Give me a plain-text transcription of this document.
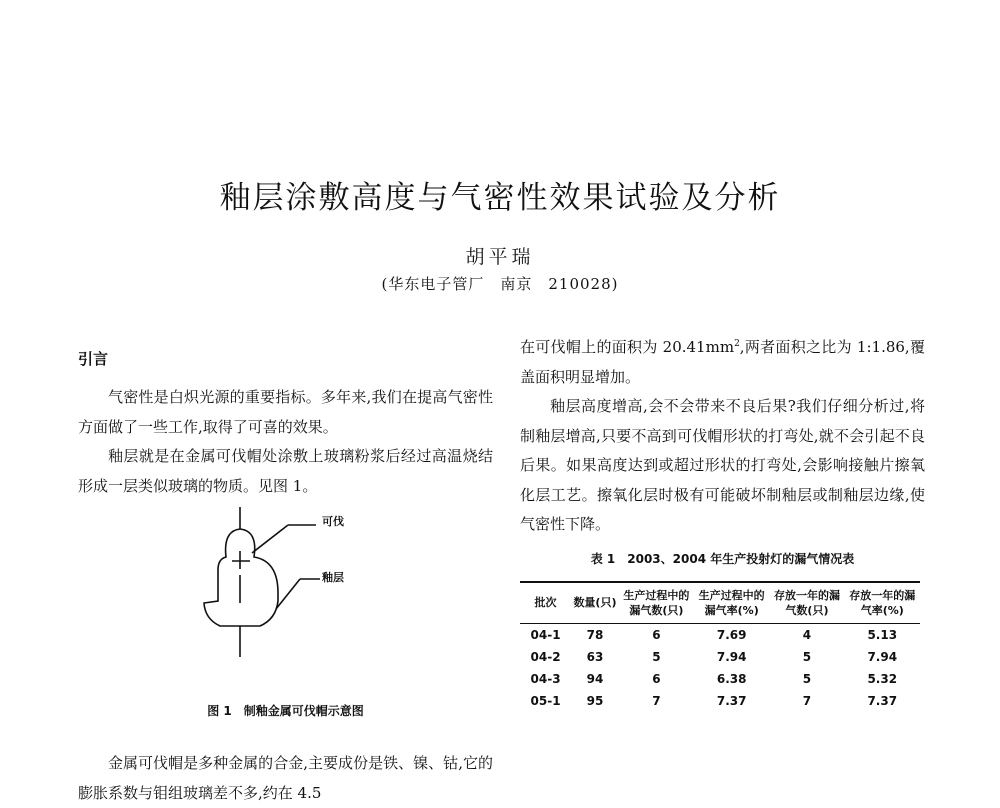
釉层涂敷高度与气密性效果试验及分析
胡平瑞
(华东电子管厂　南京　210028)
引言

气密性是白炽光源的重要指标。多年来,我们在提高气密性方面做了一些工作,取得了可喜的效果。

釉层就是在金属可伐帽处涂敷上玻璃粉浆后经过高温烧结形成一层类似玻璃的物质。见图 1。

可伐
釉层
图 1　制釉金属可伐帽示意图

金属可伐帽是多种金属的合金,主要成份是铁、镍、钴,它的膨胀系数与钼组玻璃差不多,约在 4.5

在可伐帽上的面积为 $20.41mm^2$,两者面积之比为 1:1.86,覆盖面积明显增加。

釉层高度增高,会不会带来不良后果?我们仔细分析过,将制釉层增高,只要不高到可伐帽形状的打弯处,就不会引起不良后果。如果高度达到或超过形状的打弯处,会影响接触片擦氧化层工艺。擦氧化层时极有可能破坏制釉层或制釉层边缘,使气密性下降。

表 1　2003、2004 年生产投射灯的漏气情况表
批次	数量(只)	生产过程中的漏气数(只)	生产过程中的漏气率(%)	存放一年的漏气数(只)	存放一年的漏气率(%)
04-1	78	6	7.69	4	5.13
04-2	63	5	7.94	5	7.94
04-3	94	6	6.38	5	5.32
05-1	95	7	7.37	7	7.37
